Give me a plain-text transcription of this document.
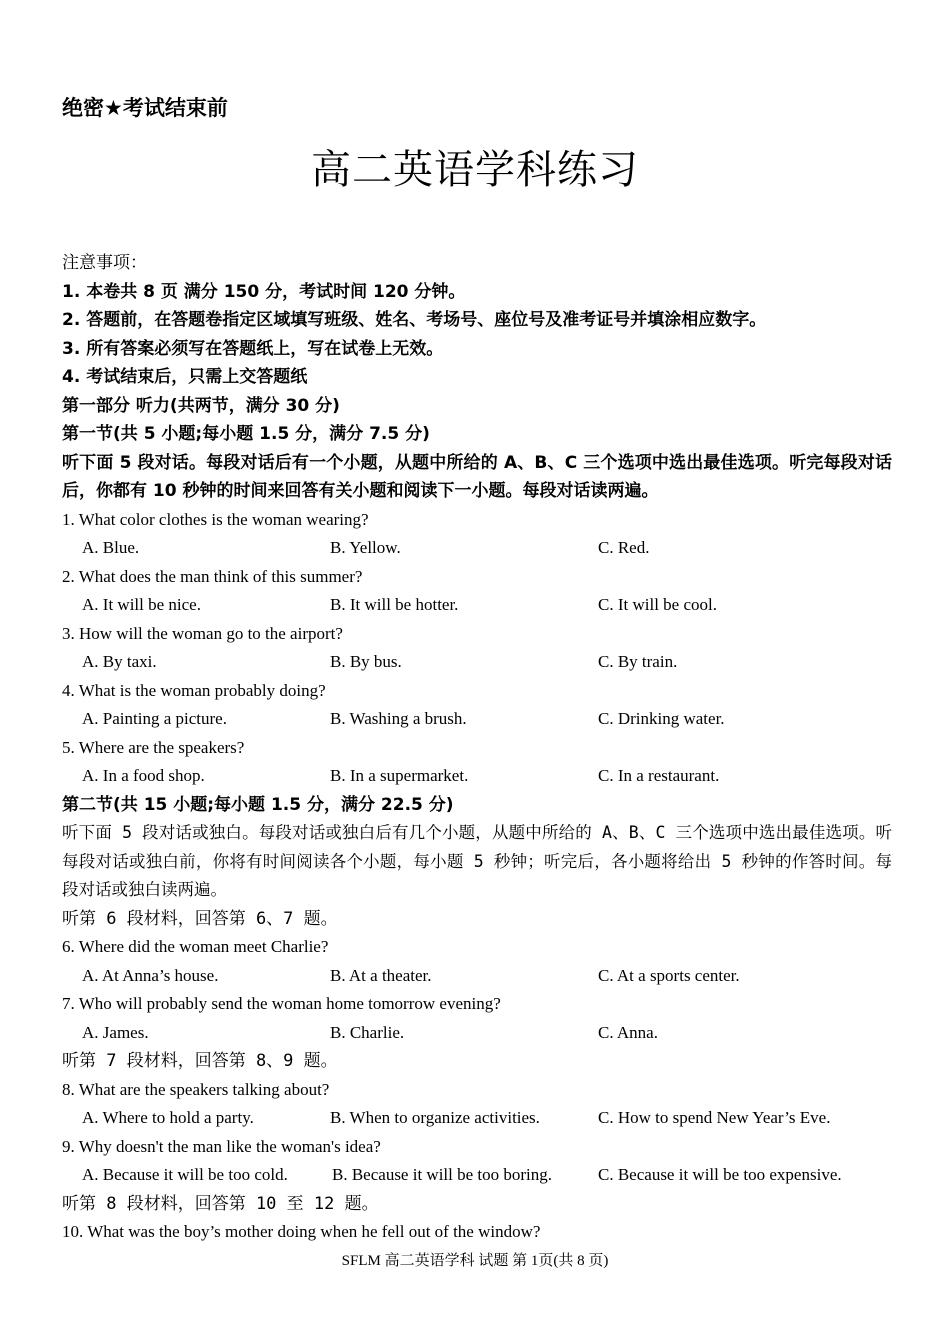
绝密★考试结束前
高二英语学科练习
注意事项：
1. 本卷共 8 页 满分 150 分，考试时间 120 分钟。
2. 答题前，在答题卷指定区域填写班级、姓名、考场号、座位号及准考证号并填涂相应数字。
3. 所有答案必须写在答题纸上，写在试卷上无效。
4. 考试结束后，只需上交答题纸
第一部分 听力(共两节，满分 30 分)
第一节(共 5 小题;每小题 1.5 分，满分 7.5 分)
听下面 5 段对话。每段对话后有一个小题，从题中所给的 A、B、C 三个选项中选出最佳选项。听完每段对话后，你都有 10 秒钟的时间来回答有关小题和阅读下一小题。每段对话读两遍。
1. What color clothes is the woman wearing?
A. Blue.	B. Yellow.	C. Red.
2. What does the man think of this summer?
A. It will be nice.	B. It will be hotter.	C. It will be cool.
3. How will the woman go to the airport?
A. By taxi.	B. By bus.	C. By train.
4. What is the woman probably doing?
A. Painting a picture.	B. Washing a brush.	C. Drinking water.
5. Where are the speakers?
A. In a food shop.	B. In a supermarket.	C. In a restaurant.
第二节(共 15 小题;每小题 1.5 分，满分 22.5 分)
听下面 5 段对话或独白。每段对话或独白后有几个小题，从题中所给的 A、B、C 三个选项中选出最佳选项。听每段对话或独白前，你将有时间阅读各个小题，每小题 5 秒钟；听完后，各小题将给出 5 秒钟的作答时间。每段对话或独白读两遍。
听第 6 段材料，回答第 6、7 题。
6. Where did the woman meet Charlie?
A. At Anna’s house.	B. At a theater.	C. At a sports center.
7. Who will probably send the woman home tomorrow evening?
A. James.	B. Charlie.	C. Anna.
听第 7 段材料，回答第 8、9 题。
8. What are the speakers talking about?
A. Where to hold a party.	B. When to organize activities.	C. How to spend New Year’s Eve.
9. Why doesn't the man like the woman's idea?
A. Because it will be too cold.	B. Because it will be too boring.	C. Because it will be too expensive.
听第 8 段材料，回答第 10 至 12 题。
10. What was the boy’s mother doing when he fell out of the window?
SFLM 高二英语学科 试题 第 1页(共 8 页)
